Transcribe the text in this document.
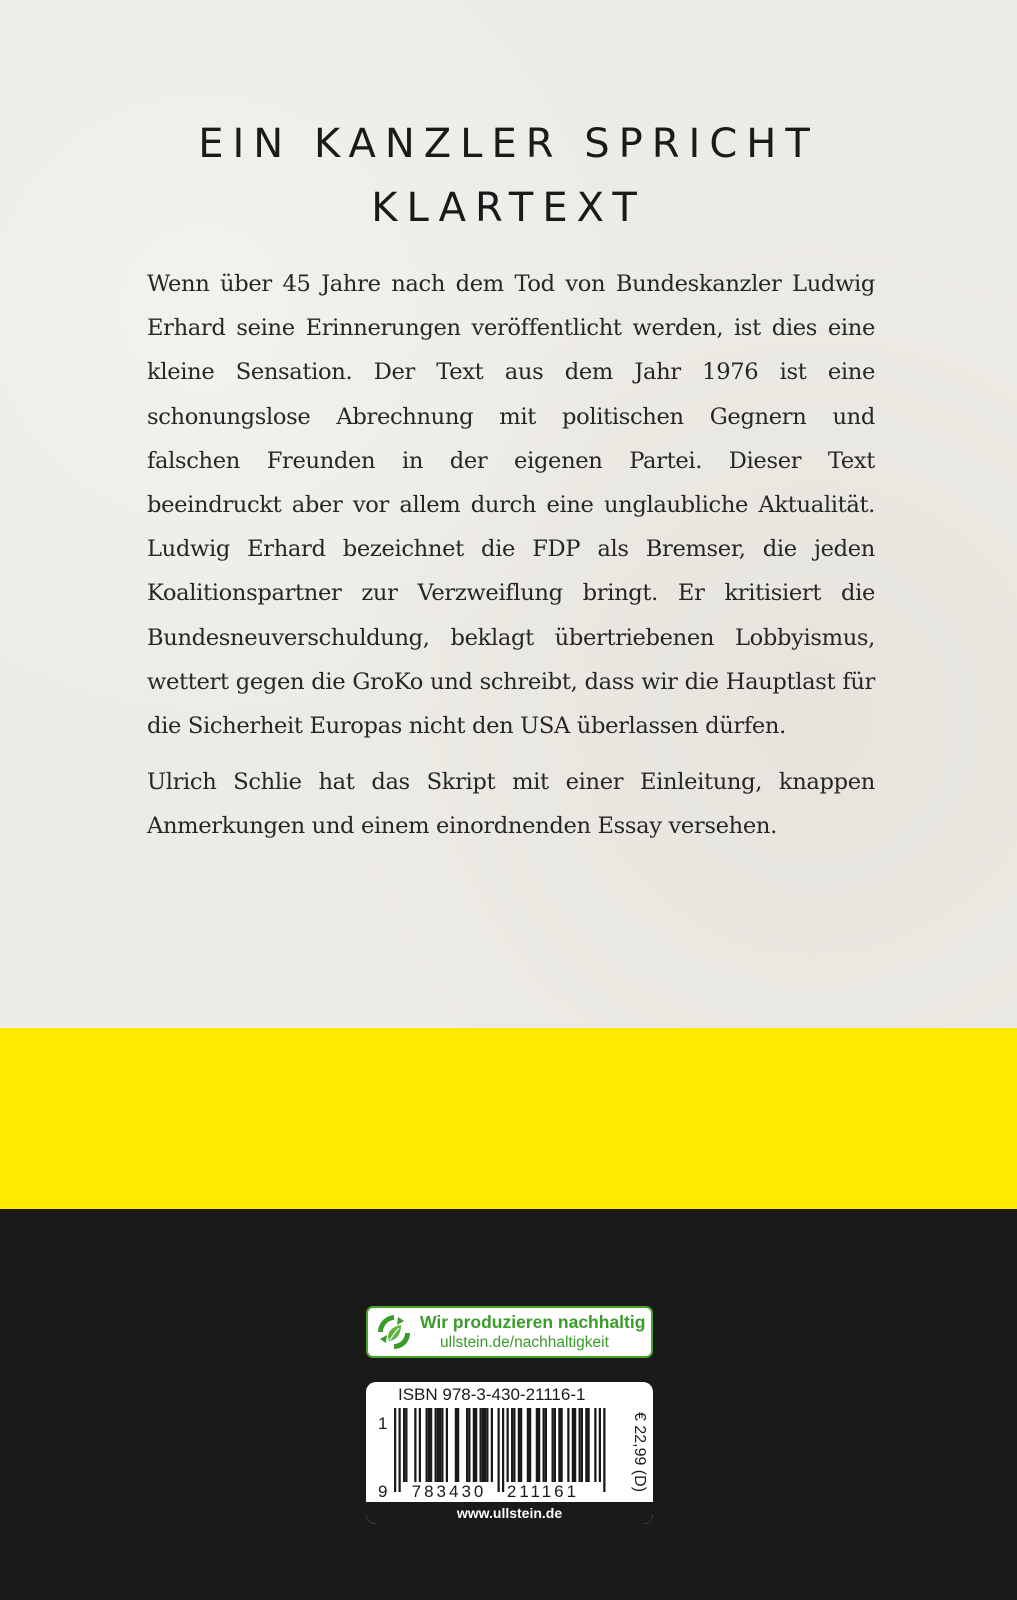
EIN KANZLER SPRICHT
KLARTEXT

Wenn über 45 Jahre nach dem Tod von Bundeskanzler Ludwig Erhard seine Erinnerungen veröffentlicht werden, ist dies eine kleine Sensation. Der Text aus dem Jahr 1976 ist eine schonungslose Abrechnung mit politischen Gegnern und falschen Freunden in der eigenen Partei. Dieser Text beeindruckt aber vor allem durch eine unglaubliche Aktualität. Ludwig Erhard bezeichnet die FDP als Bremser, die jeden Koalitionspartner zur Verzweiflung bringt. Er kritisiert die Bundesneuverschuldung, beklagt übertriebenen Lobbyismus, wettert gegen die GroKo und schreibt, dass wir die Hauptlast für die Sicherheit Europas nicht den USA überlassen dürfen.

Ulrich Schlie hat das Skript mit einer Einleitung, knappen Anmerkungen und einem einordnenden Essay versehen.

Wir produzieren nachhaltig
ullstein.de/nachhaltigkeit
ISBN 978-3-430-21116-1
1
9 783430 211161	€ 22,99 (D)
www.ullstein.de
